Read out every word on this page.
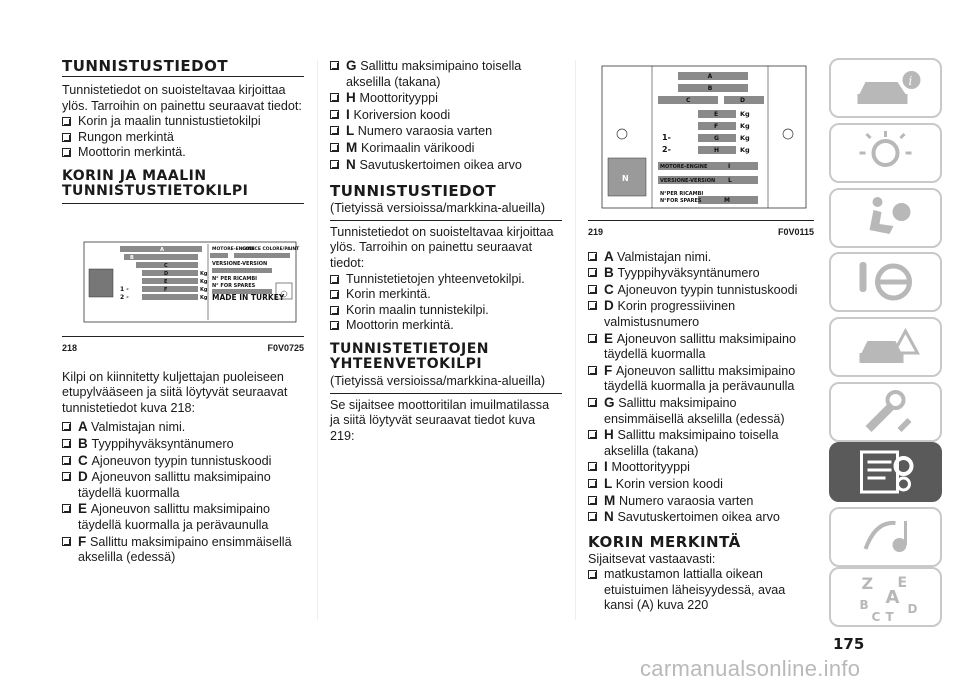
TUNNISTUSTIEDOT

Tunnistetiedot on suoisteltavaa kirjoittaa ylös. Tarroihin on painettu seuraavat tiedot:

Korin ja maalin tunnistustietokilpi
Rungon merkintä
Moottorin merkintä.
KORIN JA MAALIN TUNNISTUSTIETOKILPI
A
B
C
D
E
F
MOTORE-ENGINE
CODICE COLORE/PAINT
VERSIONE-VERSION
N° PER RICAMBI
N° FOR SPARES
MADE IN TURKEY
Kg
Kg
Kg
Kg
1 -
2 -
218	F0V0725

Kilpi on kiinnitetty kuljettajan puoleiseen etupylvääseen ja siitä löytyvät seuraavat tunnistetiedot kuva 218:

A Valmistajan nimi.
B Tyyppihyväksyntänumero
C Ajoneuvon tyypin tunnistuskoodi
D Ajoneuvon sallittu maksimipaino täydellä kuormalla
E Ajoneuvon sallittu maksimipaino täydellä kuormalla ja perävaunulla
F Sallittu maksimipaino ensimmäisellä akselilla (edessä)
G Sallittu maksimipaino toisella akselilla (takana)
H Moottorityyppi
I Koriversion koodi
L Numero varaosia varten
M Korimaalin värikoodi
N Savutuskertoimen oikea arvo
TUNNISTUSTIEDOT

(Tietyissä versioissa/markkina-alueilla)

Tunnistetiedot on suoisteltavaa kirjoittaa ylös. Tarroihin on painettu seuraavat tiedot:

Tunnistetietojen yhteenvetokilpi.
Korin merkintä.
Korin maalin tunnistekilpi.
Moottorin merkintä.
TUNNISTETIETOJEN YHTEENVETOKILPI

(Tietyissä versioissa/markkina-alueilla)

Se sijaitsee moottoritilan imuilmatilassa ja siitä löytyvät seuraavat tiedot kuva 219:

A
B
C	D
E
F
G
H
I
L
M
Kg
Kg
Kg
Kg
1-
2-
MOTORE-ENGINE
VERSIONE-VERSION
N°PER RICAMBI
N°FOR SPARES
N
219	F0V0115
A Valmistajan nimi.
B Tyyppihyväksyntänumero
C Ajoneuvon tyypin tunnistuskoodi
D Korin progressiivinen valmistusnumero
E Ajoneuvon sallittu maksimipaino täydellä kuormalla
F Ajoneuvon sallittu maksimipaino täydellä kuormalla ja perävaunulla
G Sallittu maksimipaino ensimmäisellä akselilla (edessä)
H Sallittu maksimipaino toisella akselilla (takana)
I Moottorityyppi
L Korin version koodi
M Numero varaosia varten
N Savutuskertoimen oikea arvo
KORIN MERKINTÄ

Sijaitsevat vastaavasti:

matkustamon lattialla oikean etuistuimen läheisyydessä, avaa kansi (A) kuva 220
i
Z E
A
B
C T
D
175
carmanualsonline.info
